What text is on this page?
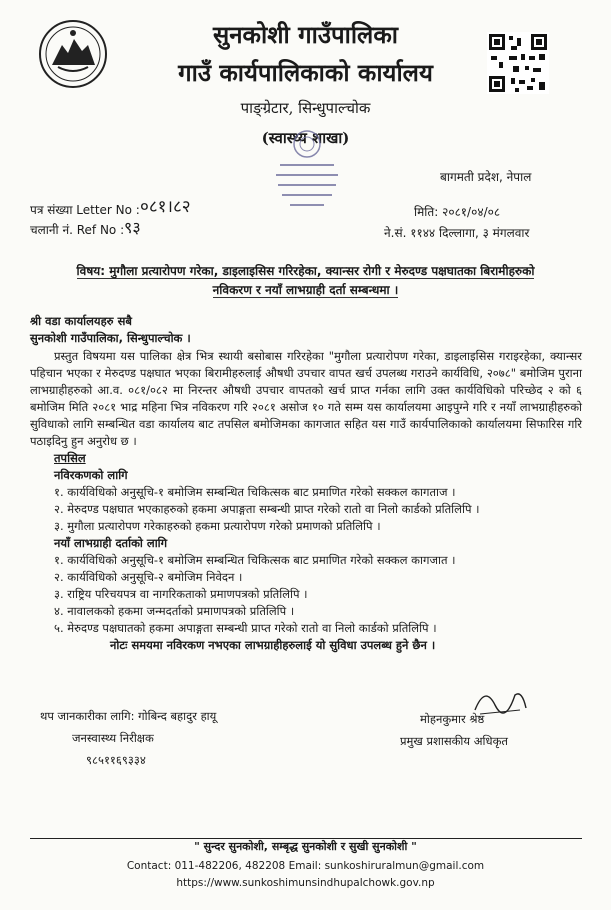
सुनकोशी गाउँपालिका
गाउँ कार्यपालिकाको कार्यालय
पाङ्ग्रेटार, सिन्धुपाल्चोक
(स्वास्थ्य शाखा)
बागमती प्रदेश, नेपाल
पत्र संख्या Letter No : ०८१।८२
चलानी नं. Ref No : ९३
मिति: २०८१/०४/०८
ने.सं. ११४४ दिल्लागा, ३ मंगलवार
विषय: मुगौला प्रत्यारोपण गरेका, डाइलाइसिस गरिरहेका, क्यान्सर रोगी र मेरुदण्ड पक्षघातका बिरामीहरुको
नविकरण र नयाँ लाभग्राही दर्ता सम्बन्धमा ।
श्री वडा कार्यालयहरु सबै
सुनकोशी गाउँपालिका, सिन्धुपाल्चोक ।
प्रस्तुत विषयमा यस पालिका क्षेत्र भित्र स्थायी बसोबास गरिरहेका "मुगौला प्रत्यारोपण गरेका, डाइलाइसिस गराइरहेका, क्यान्सर पहिचान भएका र मेरुदण्ड पक्षघात भएका बिरामीहरुलाई औषधी उपचार वापत खर्च उपलब्ध गराउने कार्यविधि, २०७८" बमोजिम पुराना लाभग्राहीहरुको आ.व. ०८१/०८२ मा निरन्तर औषधी उपचार वापतको खर्च प्राप्त गर्नका लागि उक्त कार्यविधिको परिच्छेद २ को ६ बमोजिम मिति २०८१ भाद्र महिना भित्र नविकरण गरि २०८१ असोज १० गते सम्म यस कार्यालयमा आइपुग्ने गरि र नयाँ लाभग्राहीहरुको सुविधाको लागि सम्बन्धित वडा कार्यालय बाट तपसिल बमोजिमका कागजात सहित यस गाउँ कार्यपालिकाको कार्यालयमा सिफारिस गरि पठाइदिनु हुन अनुरोध छ ।
तपसिल
नविरकणको लागि
१. कार्यविधिको अनुसूचि-१ बमोजिम सम्बन्धित चिकित्सक बाट प्रमाणित गरेको सक्कल कागताज ।
२. मेरुदण्ड पक्षघात भएकाहरुको हकमा अपाङ्गता सम्बन्धी प्राप्त गरेको रातो वा निलो कार्डको प्रतिलिपि ।
३. मुगौला प्रत्यारोपण गरेकाहरुको हकमा प्रत्यारोपण गरेको प्रमाणको प्रतिलिपि ।
नयाँ लाभग्राही दर्ताको लागि
१. कार्यविधिको अनुसूचि-१ बमोजिम सम्बन्धित चिकित्सक बाट प्रमाणित गरेको सक्कल कागजात ।
२. कार्यविधिको अनुसूचि-२ बमोजिम निवेदन ।
३. राष्ट्रिय परिचयपत्र वा नागरिकताको प्रमाणपत्रको प्रतिलिपि ।
४. नावालकको हकमा जन्मदर्ताको प्रमाणपत्रको प्रतिलिपि ।
५. मेरुदण्ड पक्षघातको हकमा अपाङ्गता सम्बन्धी प्राप्त गरेको रातो वा निलो कार्डको प्रतिलिपि ।
नोटः समयमा नविरकण नभएका लाभग्राहीहरुलाई यो सुविधा उपलब्ध हुने छैन ।
थप जानकारीका लागि: गोबिन्द बहादुर हायू
जनस्वास्थ्य निरीक्षक
९८५११६९३३४
मोहनकुमार श्रेष्ठ
प्रमुख प्रशासकीय अधिकृत
" सुन्दर सुनकोशी, सम्बृद्ध सुनकोशी र सुखी सुनकोशी "
Contact: 011-482206, 482208 Email: sunkoshiruralmun@gmail.com
https://www.sunkoshimunsindhupalchowk.gov.np
